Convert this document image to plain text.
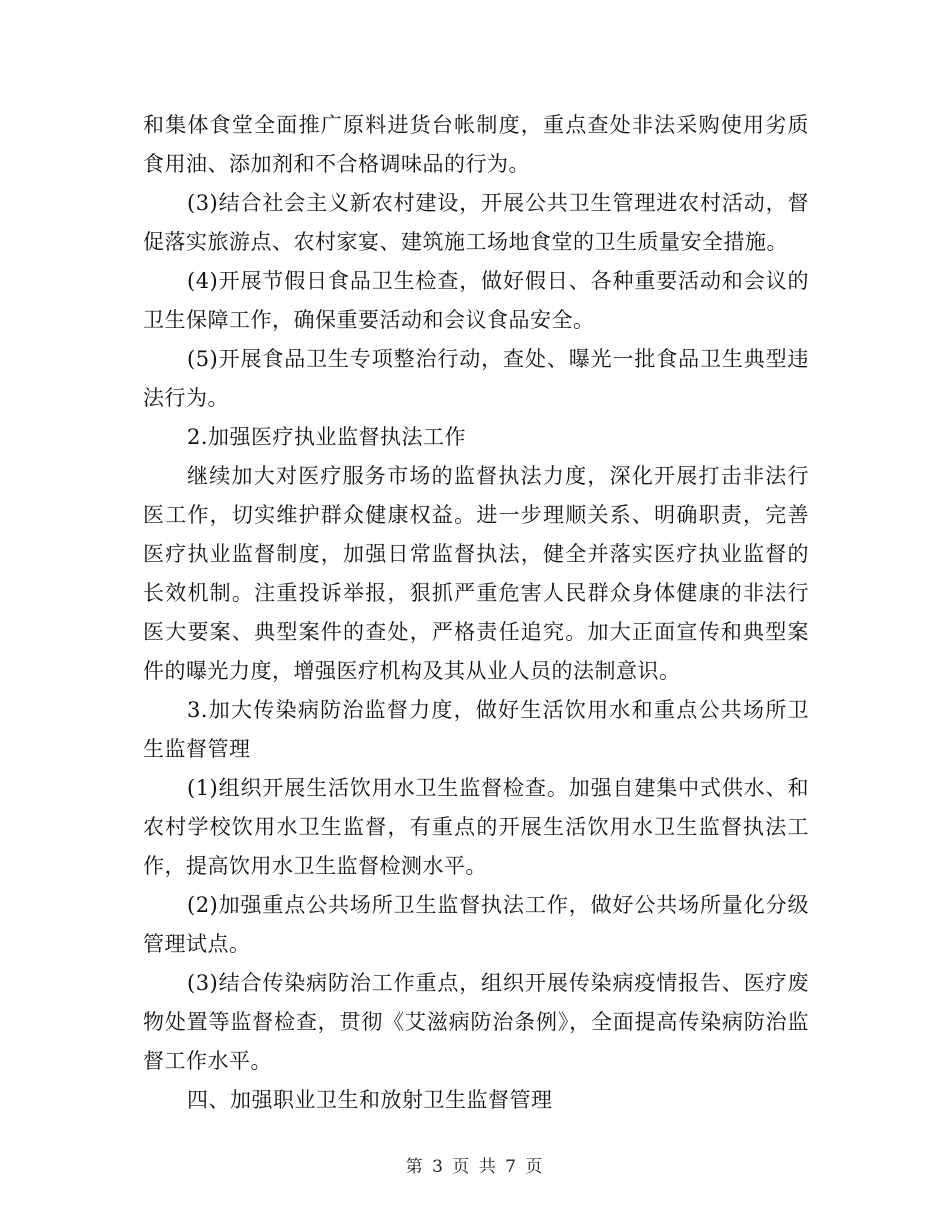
和集体食堂全面推广原料进货台帐制度，重点查处非法采购使用劣质食用油、添加剂和不合格调味品的行为。

(3)结合社会主义新农村建设，开展公共卫生管理进农村活动，督促落实旅游点、农村家宴、建筑施工场地食堂的卫生质量安全措施。

(4)开展节假日食品卫生检查，做好假日、各种重要活动和会议的卫生保障工作，确保重要活动和会议食品安全。

(5)开展食品卫生专项整治行动，查处、曝光一批食品卫生典型违法行为。

2.加强医疗执业监督执法工作

继续加大对医疗服务市场的监督执法力度，深化开展打击非法行医工作，切实维护群众健康权益。进一步理顺关系、明确职责，完善医疗执业监督制度，加强日常监督执法，健全并落实医疗执业监督的长效机制。注重投诉举报，狠抓严重危害人民群众身体健康的非法行医大要案、典型案件的查处，严格责任追究。加大正面宣传和典型案件的曝光力度，增强医疗机构及其从业人员的法制意识。

3.加大传染病防治监督力度，做好生活饮用水和重点公共场所卫生监督管理

(1)组织开展生活饮用水卫生监督检查。加强自建集中式供水、和农村学校饮用水卫生监督，有重点的开展生活饮用水卫生监督执法工作，提高饮用水卫生监督检测水平。

(2)加强重点公共场所卫生监督执法工作，做好公共场所量化分级管理试点。

(3)结合传染病防治工作重点，组织开展传染病疫情报告、医疗废物处置等监督检查，贯彻《艾滋病防治条例》，全面提高传染病防治监督工作水平。

四、加强职业卫生和放射卫生监督管理

第 3 页 共 7 页
